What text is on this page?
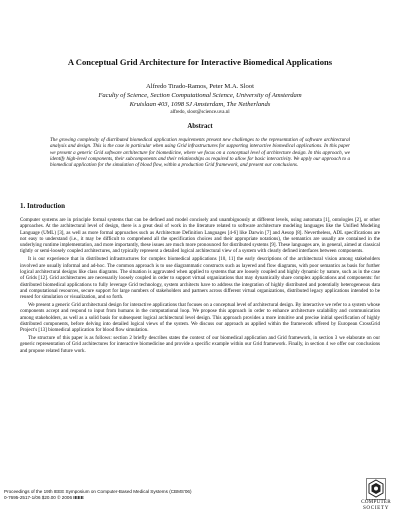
A Conceptual Grid Architecture for Interactive Biomedical Applications
Alfredo Tirado-Ramos, Peter M.A. Sloot
Faculty of Science, Section Computational Science, University of Amsterdam
Kruislaan 403, 1098 SJ Amsterdam, The Netherlands
alfredo, sloot@science.uva.nl
Abstract

The growing complexity of distributed biomedical application requirements present new challenges to the representation of software architectural analysis and design. This is the case in particular when using Grid infrastructures for supporting interactive biomedical applications. In this paper we present a generic Grid software architecture for biomedicine, where we focus on a conceptual level of architecture design. In this approach, we identify high-level components, their subcomponents and their relationships as required to allow for basic interactivity. We apply our approach to a biomedical application for the simulation of blood flow, within a production Grid framework, and present our conclusions.

1. Introduction

Computer systems are in principle formal systems that can be defined and model concisely and unambiguously at different levels, using automata [1], ontologies [2], or other approaches. At the architectural level of design, there is a great deal of work in the literature related to software architecture modeling languages like the Unified Modeling Language (UML) [3], as well as more formal approaches such as Architecture Definition Languages [4-6] like Darwin [7] and Aesop [8]. Nevertheless, ADL specifications are not easy to understand (i.e., it may be difficult to comprehend all the specification choices and their appropriate notations), the semantics are usually are contained in the underlying runtime implementation, and more importantly, these issues are much more pronounced for distributed systems [9]. These languages are, in general, aimed at classical tightly or semi-loosely coupled architectures, and typically represent a detailed logical architectural view of a system with clearly defined interfaces between components.

It is our experience that in distributed infrastructures for complex biomedical applications [10, 11] the early descriptions of the architectural vision among stakeholders involved are usually informal and ad-hoc. The common approach is to use diagrammatic constructs such as layered and flow diagrams, with poor semantics as basis for further logical architectural designs like class diagrams. The situation is aggravated when applied to systems that are loosely coupled and highly dynamic by nature, such as in the case of Grids [12]. Grid architectures are necessarily loosely coupled in order to support virtual organizations that may dynamically share complex applications and components: for distributed biomedical applications to fully leverage Grid technology, system architects have to address the integration of highly distributed and potentially heterogeneous data and computational resources, secure support for large numbers of stakeholders and partners across different virtual organizations, distributed legacy applications intended to be reused for simulation or visualization, and so forth.

We present a generic Grid architectural design for interactive applications that focuses on a conceptual level of architectural design. By interactive we refer to a system whose components accept and respond to input from humans in the computational loop. We propose this approach in order to enhance architecture scalability and communication among stakeholders, as well as a solid basis for subsequent logical architectural level design. This approach provides a more intuitive and precise initial specification of highly distributed components, before delving into detailed logical views of the system. We discuss our approach as applied within the framework offered by European CrossGrid Project's [13] biomedical application for blood flow simulation.

The structure of this paper is as follows: section 2 briefly describes states the context of our biomedical application and Grid framework, in section 3 we elaborate on our generic representation of Grid architectures for interactive biomedicine and provide a specific example within our Grid framework. Finally, in section 4 we offer our conclusions and propose related future work.

Proceedings of the 19th IEEE Symposium on Computer-Based Medical Systems (CBMS'06)
0-7695-2517-1/06 $20.00 © 2006 IEEE
COMPUTER
SOCIETY
